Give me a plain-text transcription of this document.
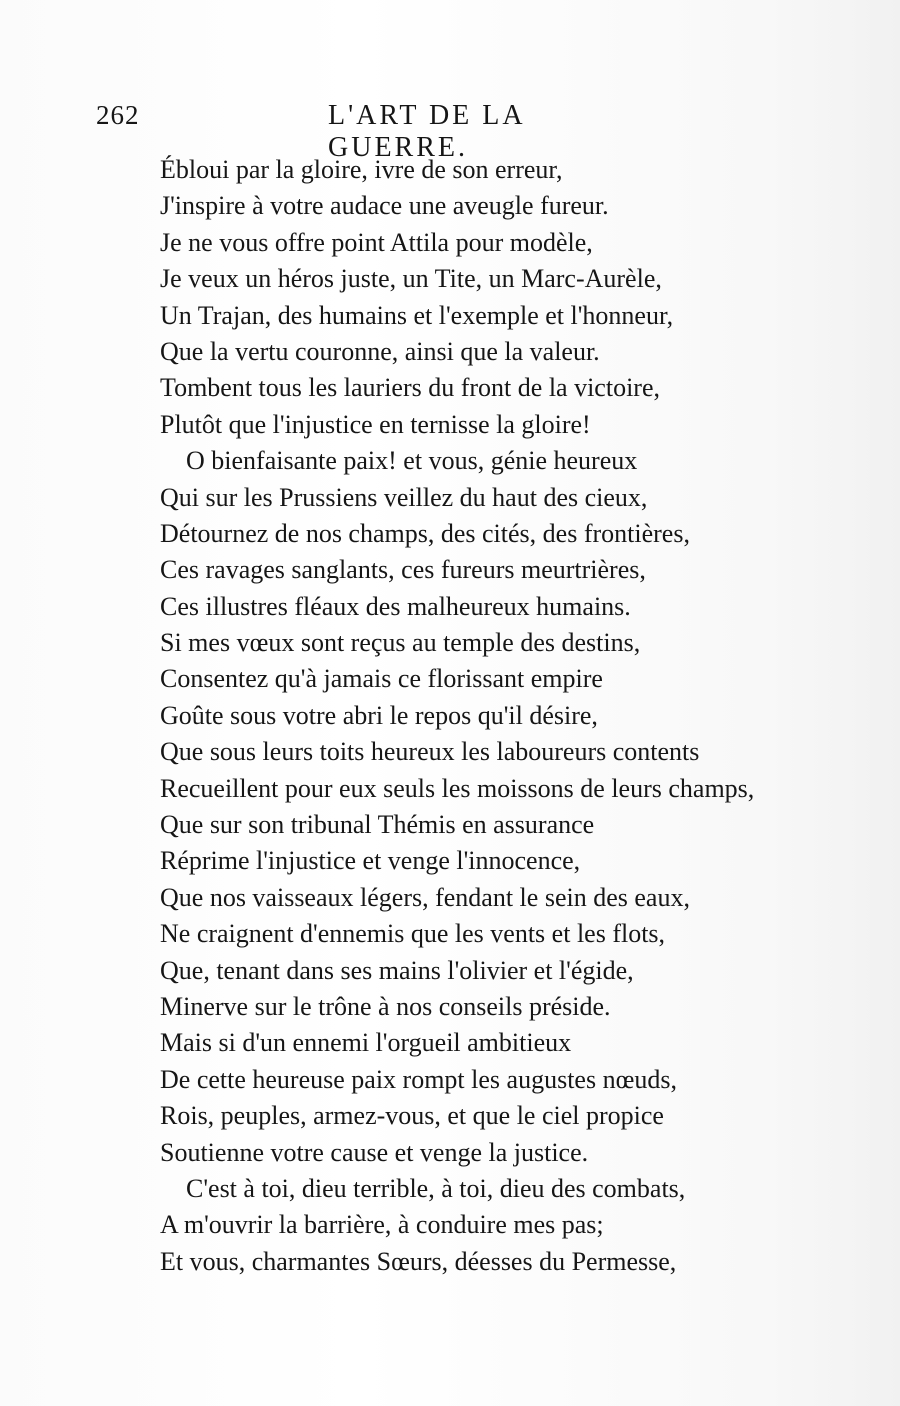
262	L'ART DE LA GUERRE.
Ébloui par la gloire, ivre de son erreur,
J'inspire à votre audace une aveugle fureur.
Je ne vous offre point Attila pour modèle,
Je veux un héros juste, un Tite, un Marc-Aurèle,
Un Trajan, des humains et l'exemple et l'honneur,
Que la vertu couronne, ainsi que la valeur.
Tombent tous les lauriers du front de la victoire,
Plutôt que l'injustice en ternisse la gloire!
O bienfaisante paix! et vous, génie heureux
Qui sur les Prussiens veillez du haut des cieux,
Détournez de nos champs, des cités, des frontières,
Ces ravages sanglants, ces fureurs meurtrières,
Ces illustres fléaux des malheureux humains.
Si mes vœux sont reçus au temple des destins,
Consentez qu'à jamais ce florissant empire
Goûte sous votre abri le repos qu'il désire,
Que sous leurs toits heureux les laboureurs contents
Recueillent pour eux seuls les moissons de leurs champs,
Que sur son tribunal Thémis en assurance
Réprime l'injustice et venge l'innocence,
Que nos vaisseaux légers, fendant le sein des eaux,
Ne craignent d'ennemis que les vents et les flots,
Que, tenant dans ses mains l'olivier et l'égide,
Minerve sur le trône à nos conseils préside.
Mais si d'un ennemi l'orgueil ambitieux
De cette heureuse paix rompt les augustes nœuds,
Rois, peuples, armez-vous, et que le ciel propice
Soutienne votre cause et venge la justice.
C'est à toi, dieu terrible, à toi, dieu des combats,
A m'ouvrir la barrière, à conduire mes pas;
Et vous, charmantes Sœurs, déesses du Permesse,
